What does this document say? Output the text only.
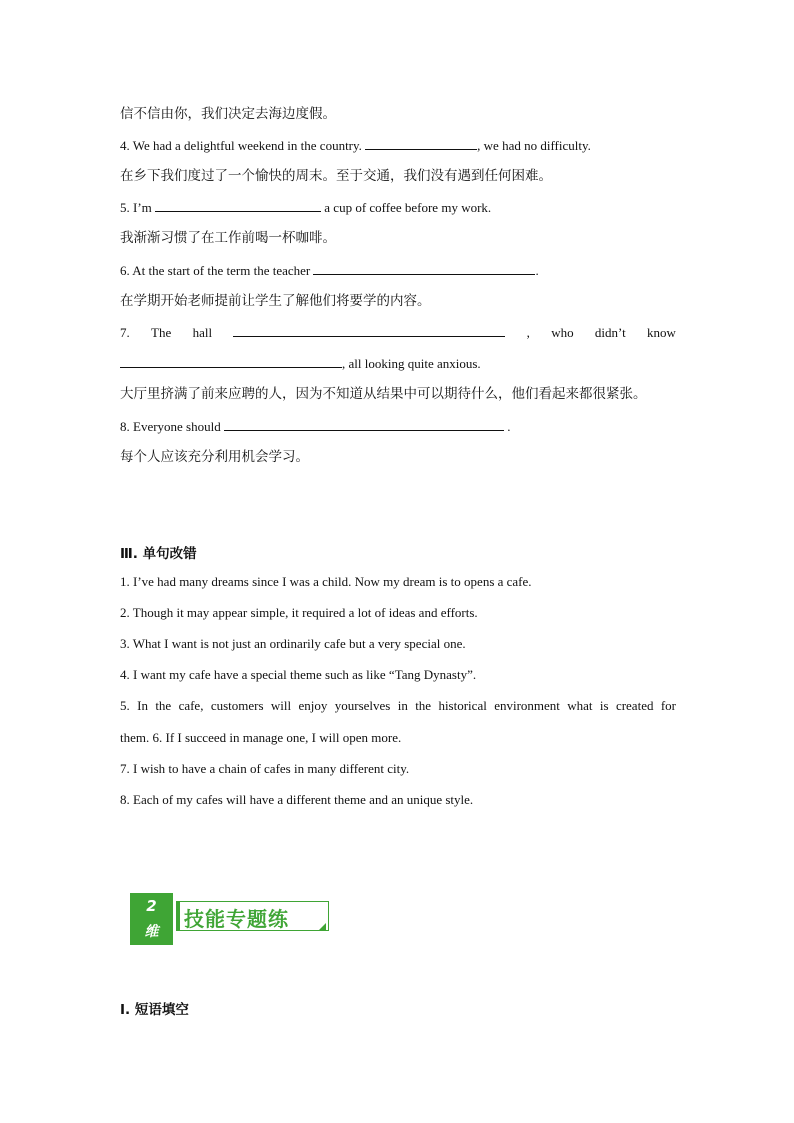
信不信由你，我们决定去海边度假。
4. We had a delightful weekend in the country.	, we had no difficulty.
在乡下我们度过了一个愉快的周末。至于交通，我们没有遇到任何困难。
5. I’m	a cup of coffee before my work.
我渐渐习惯了在工作前喝一杯咖啡。
6. At the start of the term the teacher	.
在学期开始老师提前让学生了解他们将要学的内容。
7. The hall	, who didn’t know
, all looking quite anxious.
大厅里挤满了前来应聘的人，因为不知道从结果中可以期待什么，他们看起来都很紧张。
8. Everyone should	.
每个人应该充分利用机会学习。
Ⅲ. 单句改错
1. I’ve had many dreams since I was a child. Now my dream is to opens a cafe.
2. Though it may appear simple, it required a lot of ideas and efforts.
3. What I want is not just an ordinarily cafe but a very special one.
4. I want my cafe have a special theme such as like “Tang Dynasty”.
5. In the cafe, customers will enjoy yourselves in the historical environment what is created for
them. 6. If I succeed in manage one, I will open more.
7. I wish to have a chain of cafes in many different city.
8. Each of my cafes will have a different theme and an unique style.
2
维
技能专题练
I. 短语填空
